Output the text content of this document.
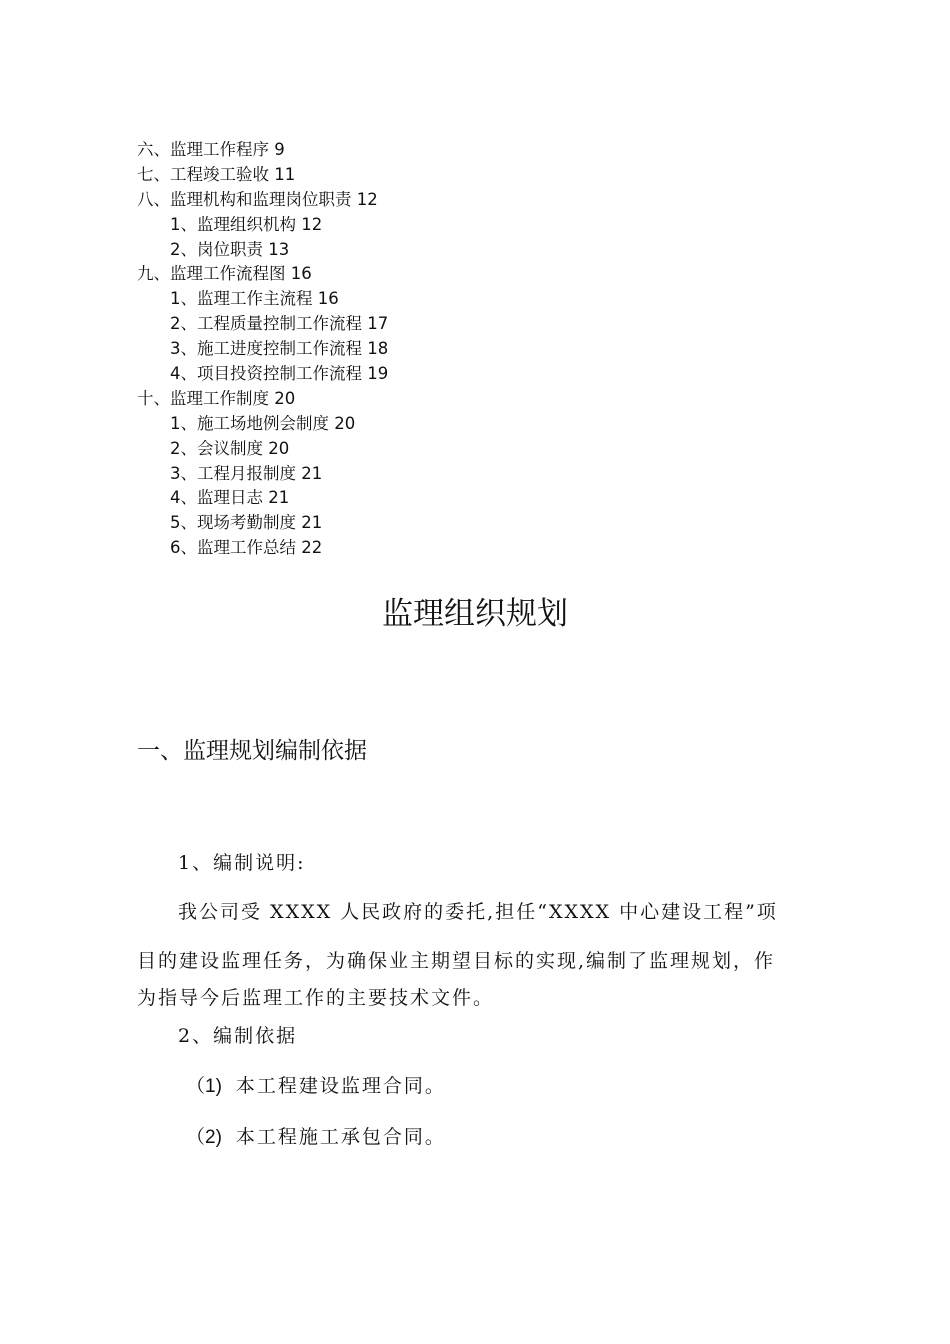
六、监理工作程序 9
七、工程竣工验收 11
八、监理机构和监理岗位职责 12
1、监理组织机构 12
2、岗位职责 13
九、监理工作流程图 16
1、监理工作主流程 16
2、工程质量控制工作流程 17
3、施工进度控制工作流程 18
4、项目投资控制工作流程 19
十、监理工作制度 20
1、施工场地例会制度 20
2、会议制度 20
3、工程月报制度 21
4、监理日志 21
5、现场考勤制度 21
6、监理工作总结 22
监理组织规划
一、监理规划编制依据
1、编制说明:
我公司受 XXXX 人民政府的委托,担任“XXXX 中心建设工程”项
目的建设监理任务，为确保业主期望目标的实现,编制了监理规划，作
为指导今后监理工作的主要技术文件。
2、编制依据
（1) 本工程建设监理合同。
（2) 本工程施工承包合同。
